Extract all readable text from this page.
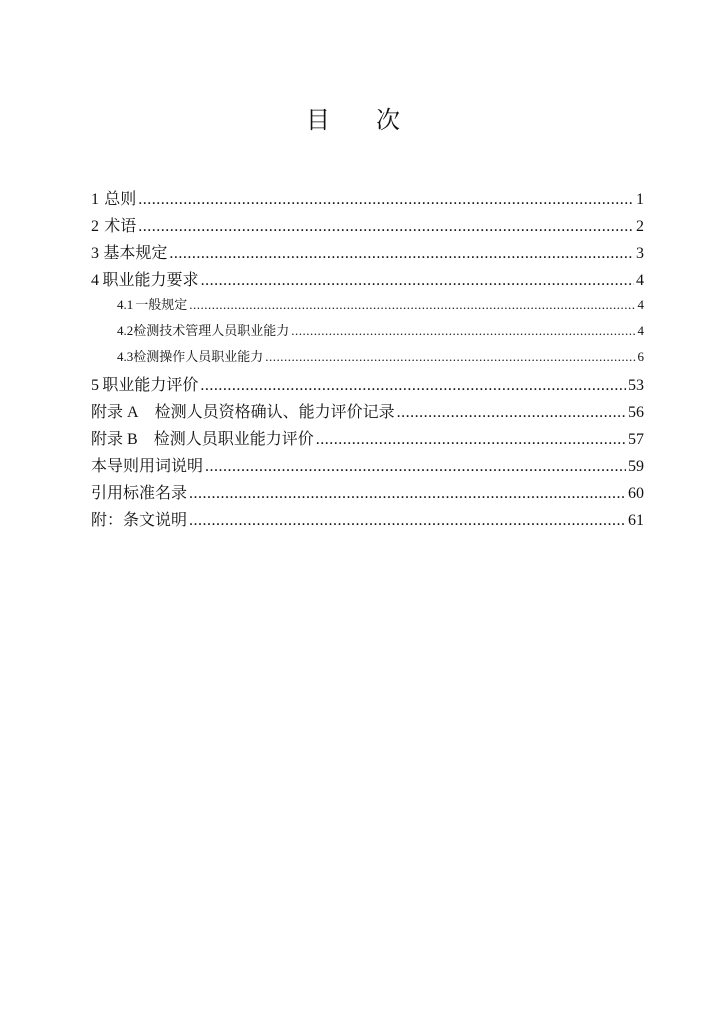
目 次
1 总则 .....	1
2 术语 .....	2
3 基本规定 .....	3
4 职业能力要求 .....	4
4.1 一般规定 .....	4
4.2 检测技术管理人员职业能力 .....	4
4.3 检测操作人员职业能力 .....	6
5 职业能力评价 .....	53
附录 A 检测人员资格确认、能力评价记录 .....	56
附录 B 检测人员职业能力评价 .....	57
本导则用词说明 .....	59
引用标准名录 .....	60
附：条文说明 .....	61
